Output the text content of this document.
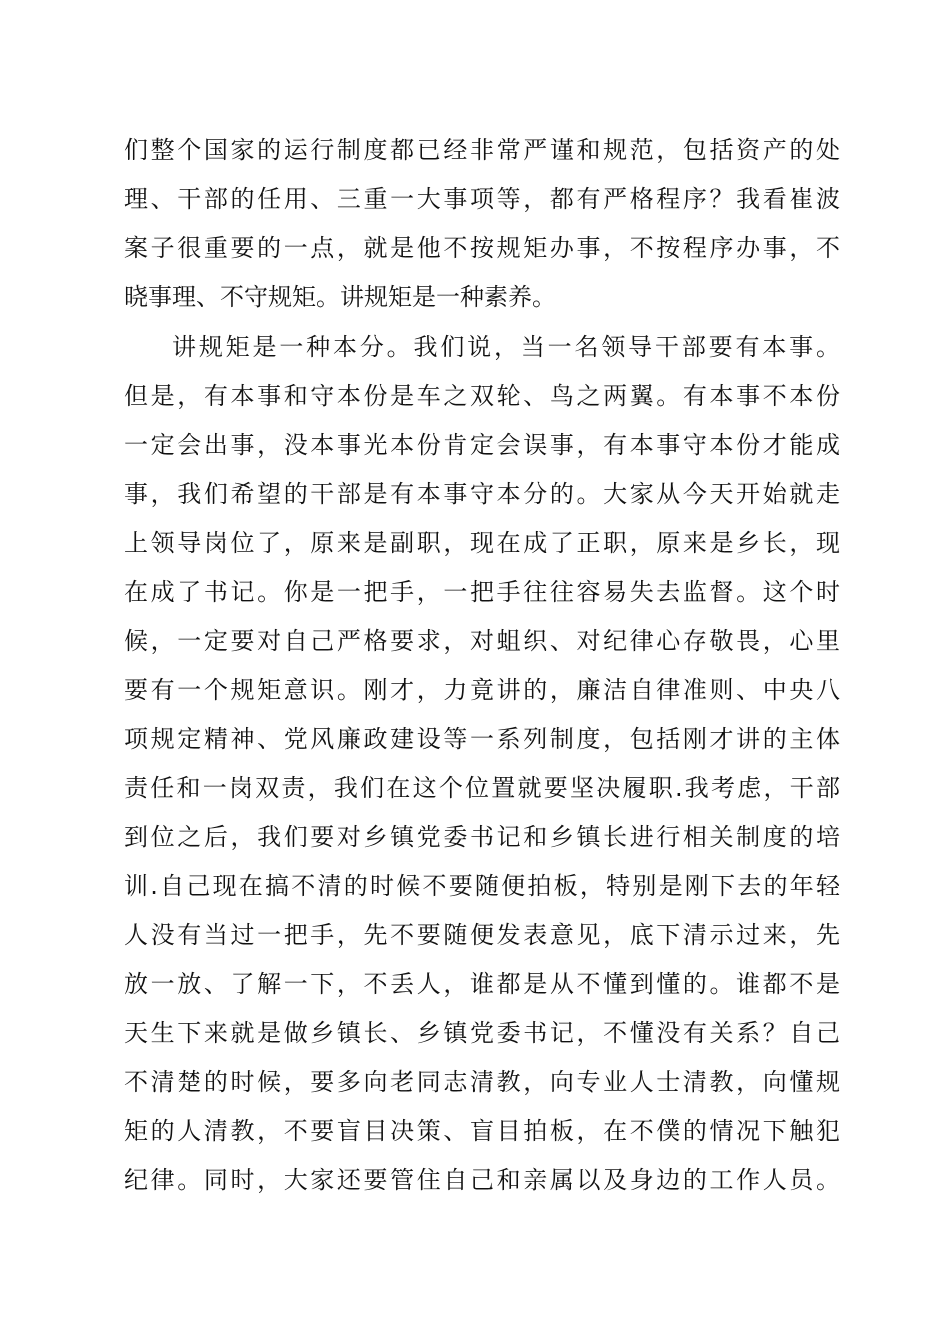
们整个国家的运行制度都已经非常严谨和规范，包括资产的处
理、干部的任用、三重一大事项等，都有严格程序？我看崔波
案子很重要的一点，就是他不按规矩办事，不按程序办事，不
晓事理、不守规矩。讲规矩是一种素养。
讲规矩是一种本分。我们说，当一名领导干部要有本事。
但是，有本事和守本份是车之双轮、鸟之两翼。有本事不本份
一定会出事，没本事光本份肯定会误事，有本事守本份才能成
事，我们希望的干部是有本事守本分的。大家从今天开始就走
上领导岗位了，原来是副职，现在成了正职，原来是乡长，现
在成了书记。你是一把手，一把手往往容易失去监督。这个时
候，一定要对自己严格要求，对蛆织、对纪律心存敬畏，心里
要有一个规矩意识。刚才，力竟讲的，廉洁自律准则、中央八
项规定精神、党风廉政建设等一系列制度，包括刚才讲的主体
责任和一岗双责，我们在这个位置就要坚决履职.我考虑，干部
到位之后，我们要对乡镇党委书记和乡镇长进行相关制度的培
训.自己现在搞不清的时候不要随便拍板，特别是刚下去的年轻
人没有当过一把手，先不要随便发表意见，底下清示过来，先
放一放、了解一下，不丢人，谁都是从不懂到懂的。谁都不是
天生下来就是做乡镇长、乡镇党委书记，不懂没有关系？自己
不清楚的时候，要多向老同志清教，向专业人士清教，向懂规
矩的人清教，不要盲目决策、盲目拍板，在不僕的情况下触犯
纪律。同时，大家还要管住自己和亲属以及身边的工作人员。
